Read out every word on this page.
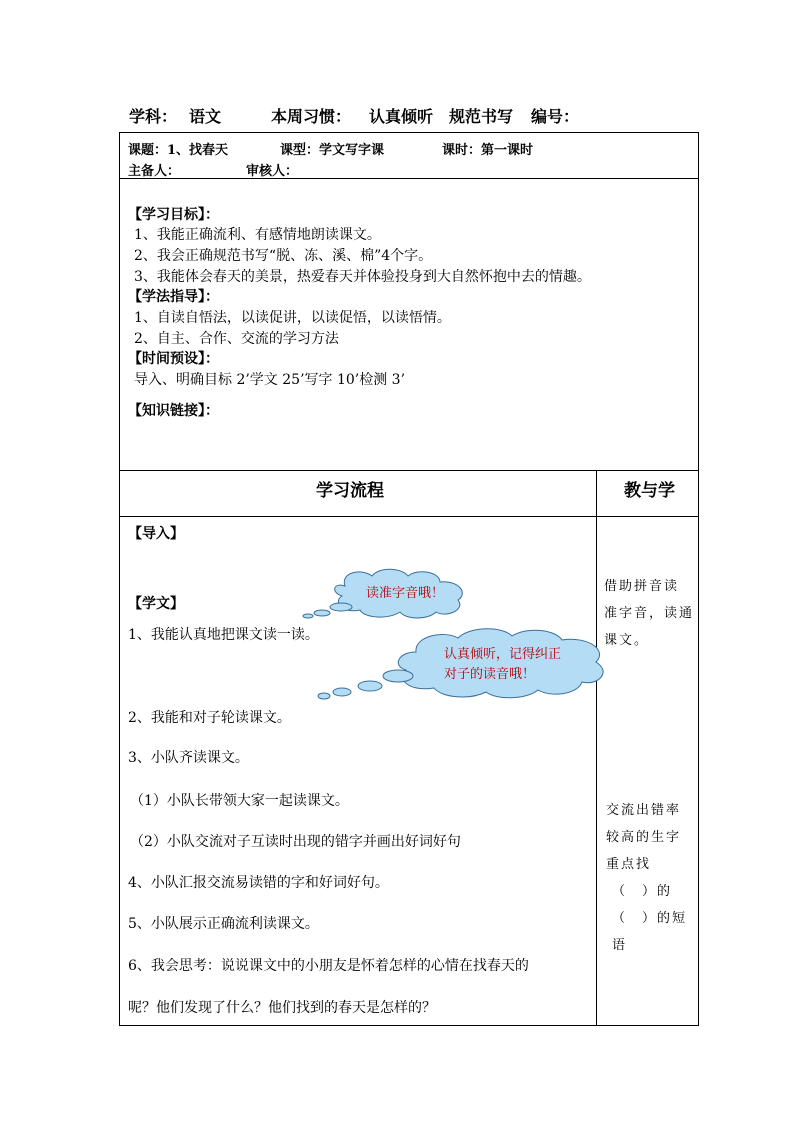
学科： 语文	本周习惯： 认真倾听　规范书写 编号：
课题：1、找春天	课型：学文写字课	课时：第一课时
主备人：	审核人：
【学习目标】：
1、我能正确流利、有感情地朗读课文。
2、我会正确规范书写“脱、冻、溪、棉”4个字。
3、我能体会春天的美景，热爱春天并体验投身到大自然怀抱中去的情趣。
【学法指导】：
1、自读自悟法，以读促讲，以读促悟，以读悟情。
2、自主、合作、交流的学习方法
【时间预设】：
导入、明确目标 2’学文 25’写字 10’检测 3’
【知识链接】：
学习流程	教与学
【导入】
【学文】
1、我能认真地把课文读一读。
2、我能和对子轮读课文。
3、小队齐读课文。
（1）小队长带领大家一起读课文。
（2）小队交流对子互读时出现的错字并画出好词好句
4、小队汇报交流易读错的字和好词好句。
5、小队展示正确流利读课文。
6、我会思考：说说课文中的小朋友是怀着怎样的心情在找春天的
呢？他们发现了什么？他们找到的春天是怎样的？
借助拼音读
准字音，读通
课文。
交流出错率
较高的生字
重点找
（　）的
（　）的短语
读准字音哦！
认真倾听，记得纠正
对子的读音哦！
